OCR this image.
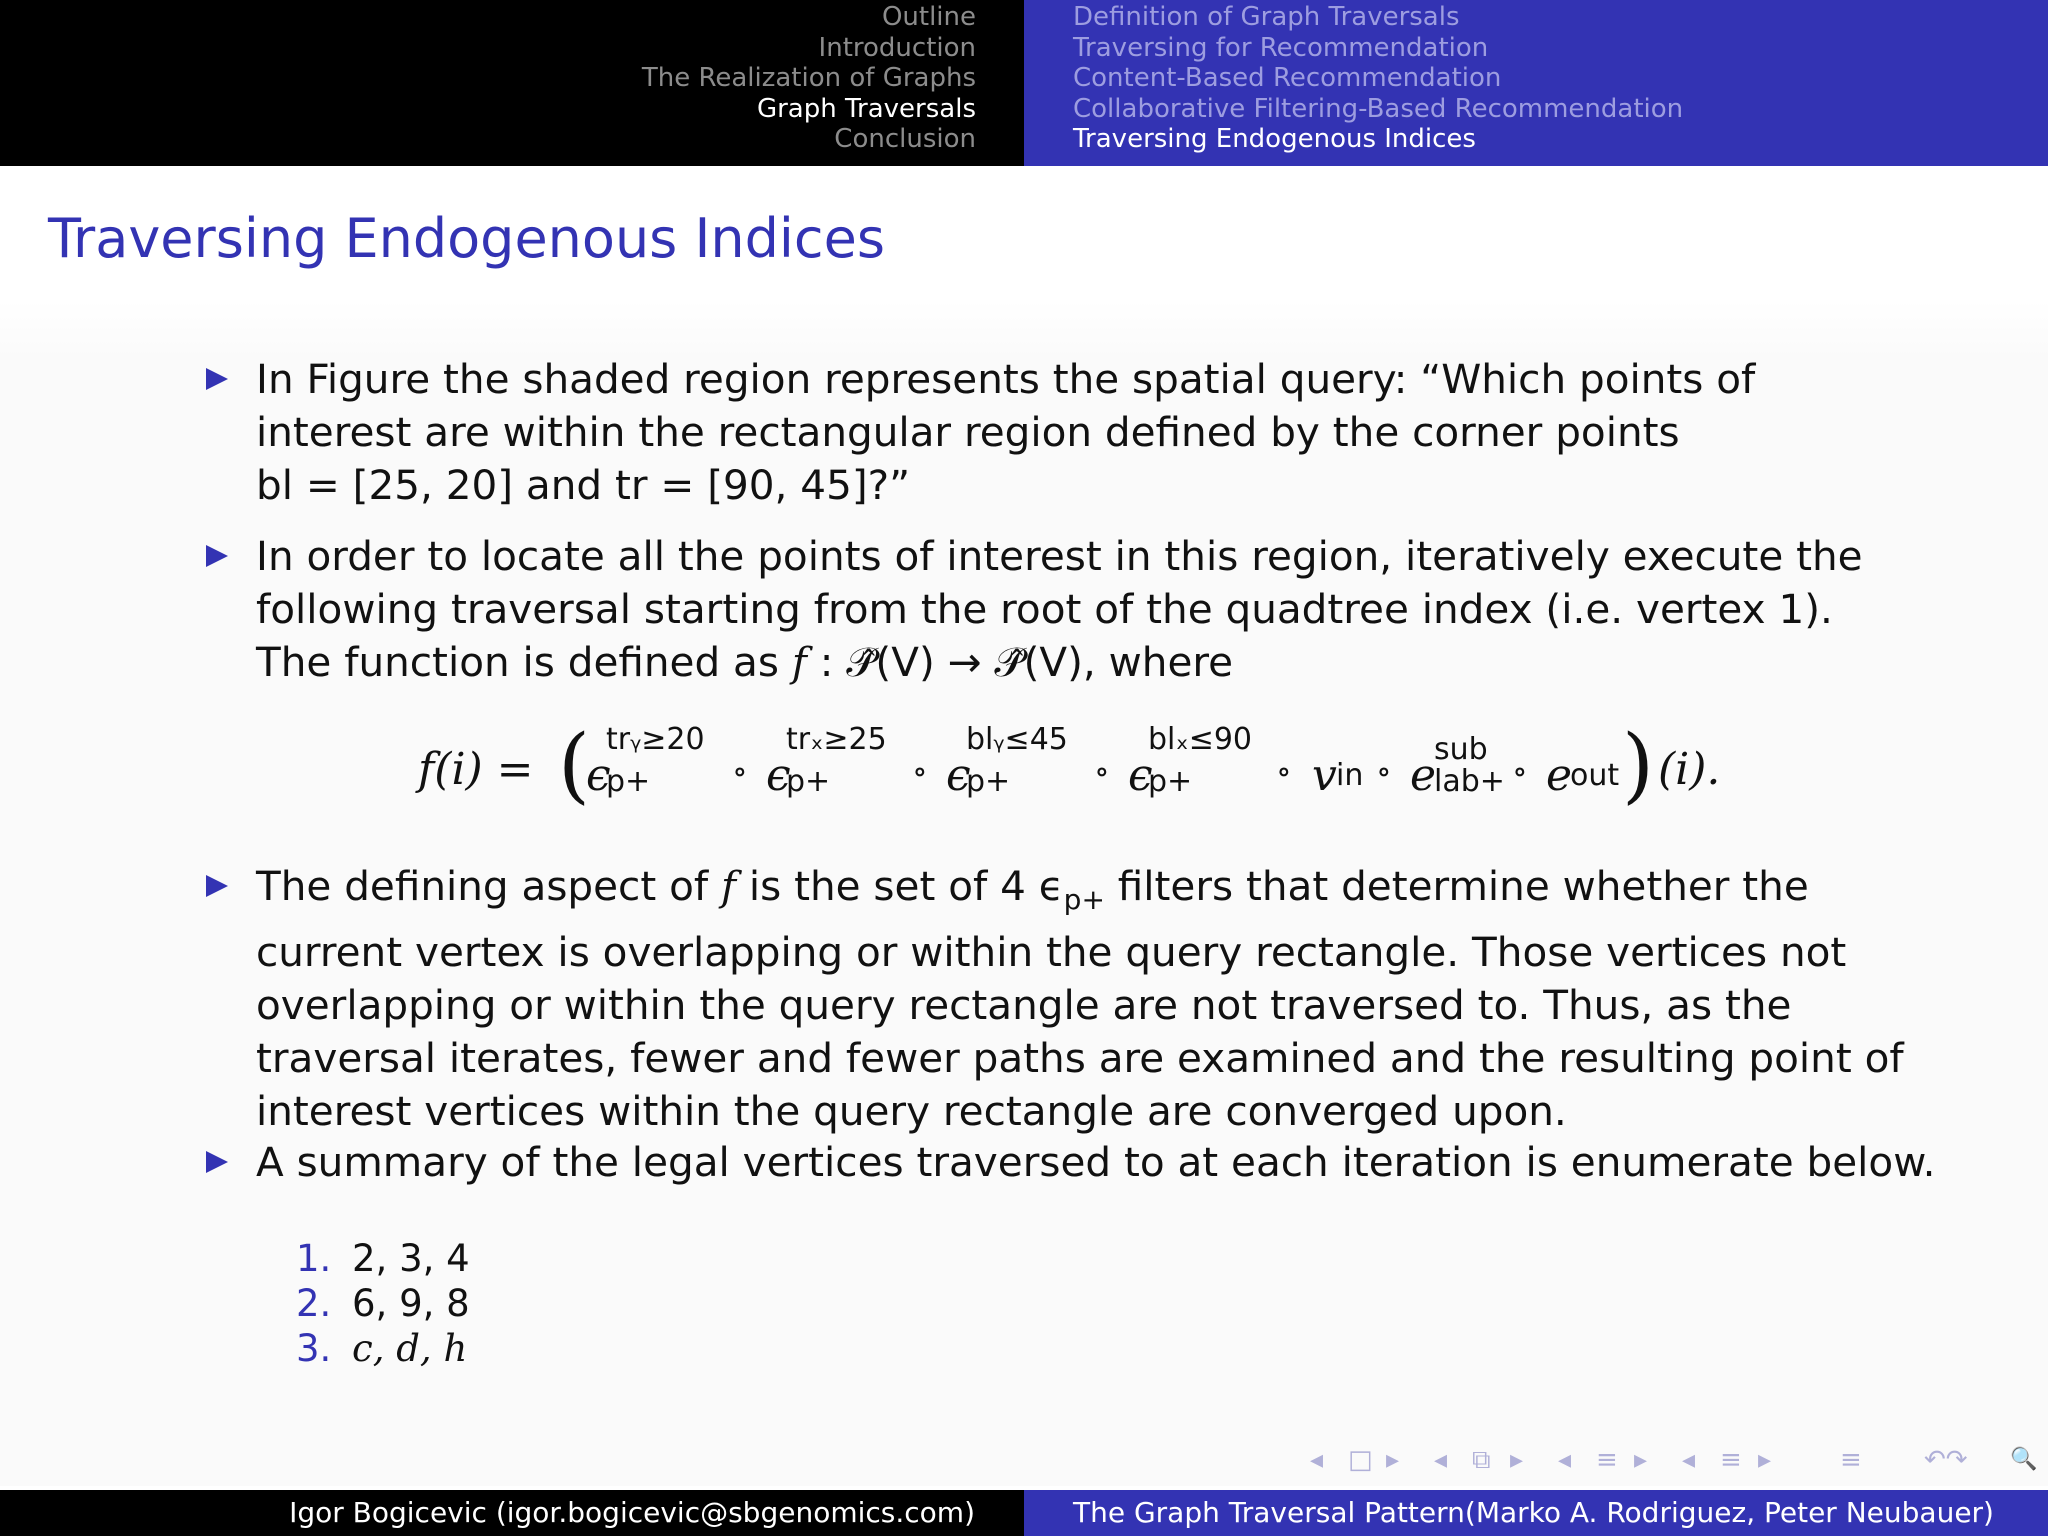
Outline
Introduction
The Realization of Graphs
Graph Traversals
Conclusion
Definition of Graph Traversals
Traversing for Recommendation
Content-Based Recommendation
Collaborative Filtering-Based Recommendation
Traversing Endogenous Indices
Traversing Endogenous Indices

In Figure the shaded region represents the spatial query: “Which points of
interest are within the rectangular region defined by the corner points
bl = [25, 20] and tr = [90, 45]?”

In order to locate all the points of interest in this region, iteratively execute the
following traversal starting from the root of the quadtree index (i.e. vertex 1).
The function is defined as f : 𝒫̂(V) → 𝒫̂(V), where

f(i) = (
ϵ
trᵧ≥20
p+	∘ ϵ
trₓ≥25
p+	∘ ϵ
blᵧ≤45
p+	∘ ϵ
blₓ≤90
p+	∘ v in ∘ e
sub
lab+ ∘ e
out ) (i).

The defining aspect of f is the set of 4 $\epsilon_{p+}$ filters that determine whether the
current vertex is overlapping or within the query rectangle. Those vertices not
overlapping or within the query rectangle are not traversed to. Thus, as the
traversal iterates, fewer and fewer paths are examined and the resulting point of
interest vertices within the query rectangle are converged upon.

A summary of the legal vertices traversed to at each iteration is enumerate below.

1. 2, 3, 4
2. 6, 9, 8
3. c, d, h
◂ □ ▸ ◂ ⧉ ▸ ◂ ≡ ▸ ◂ ≡ ▸	≡ ↶↷ 🔍
Igor Bogicevic (igor.bogicevic@sbgenomics.com)	The Graph Traversal Pattern(Marko A. Rodriguez, Peter Neubauer)
